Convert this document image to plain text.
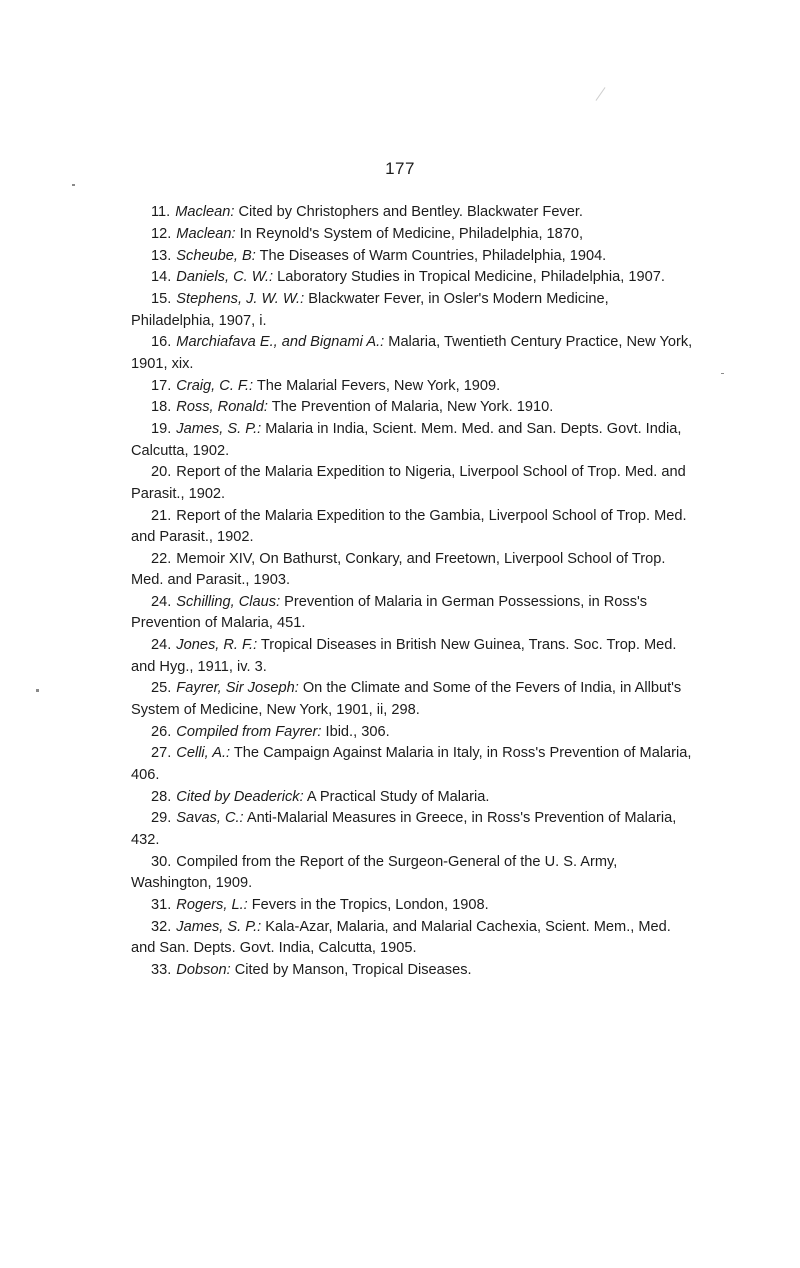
177

11. Maclean: Cited by Christophers and Bentley. Blackwater Fever.

12. Maclean: In Reynold's System of Medicine, Philadelphia, 1870,

13. Scheube, B: The Diseases of Warm Countries, Philadelphia, 1904.

14. Daniels, C. W.: Laboratory Studies in Tropical Medicine, Philadelphia, 1907.

15. Stephens, J. W. W.: Blackwater Fever, in Osler's Modern Medicine, Philadelphia, 1907, i.

16. Marchiafava E., and Bignami A.: Malaria, Twentieth Century Practice, New York, 1901, xix.

17. Craig, C. F.: The Malarial Fevers, New York, 1909.

18. Ross, Ronald: The Prevention of Malaria, New York. 1910.

19. James, S. P.: Malaria in India, Scient. Mem. Med. and San. Depts. Govt. India, Calcutta, 1902.

20. Report of the Malaria Expedition to Nigeria, Liverpool School of Trop. Med. and Parasit., 1902.

21. Report of the Malaria Expedition to the Gambia, Liverpool School of Trop. Med. and Parasit., 1902.

22. Memoir XIV, On Bathurst, Conkary, and Freetown, Liverpool School of Trop. Med. and Parasit., 1903.

24. Schilling, Claus: Prevention of Malaria in German Possessions, in Ross's Prevention of Malaria, 451.

24. Jones, R. F.: Tropical Diseases in British New Guinea, Trans. Soc. Trop. Med. and Hyg., 1911, iv. 3.

25. Fayrer, Sir Joseph: On the Climate and Some of the Fevers of India, in Allbut's System of Medicine, New York, 1901, ii, 298.

26. Compiled from Fayrer: Ibid., 306.

27. Celli, A.: The Campaign Against Malaria in Italy, in Ross's Prevention of Malaria, 406.

28. Cited by Deaderick: A Practical Study of Malaria.

29. Savas, C.: Anti-Malarial Measures in Greece, in Ross's Prevention of Malaria, 432.

30. Compiled from the Report of the Surgeon-General of the U. S. Army, Washington, 1909.

31. Rogers, L.: Fevers in the Tropics, London, 1908.

32. James, S. P.: Kala-Azar, Malaria, and Malarial Cachexia, Scient. Mem., Med. and San. Depts. Govt. India, Calcutta, 1905.

33. Dobson: Cited by Manson, Tropical Diseases.
